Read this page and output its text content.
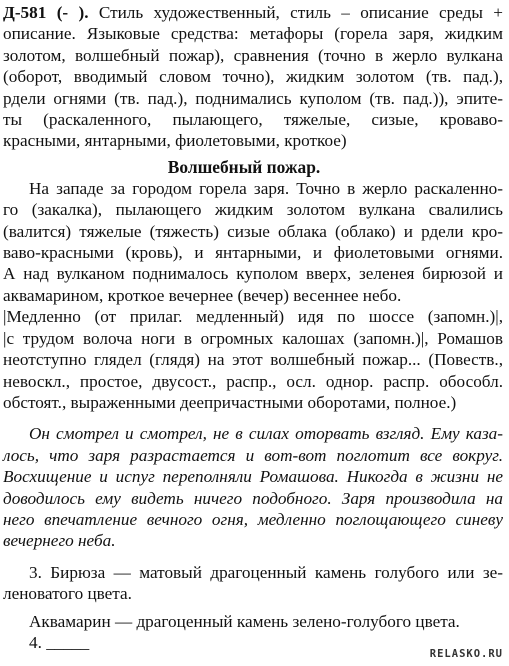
Д-581 (- ). Стиль художественный, стиль – описание среды +
описание. Языковые средства: метафоры (горела заря, жидким
золотом, волшебный пожар), сравнения (точно в жерло вулкана
(оборот, вводимый словом точно), жидким золотом (тв. пад.),
рдели огнями (тв. пад.), поднимались куполом (тв. пад.)), эпите-
ты (раскаленного, пылающего, тяжелые, сизые, кроваво-
красными, янтарными, фиолетовыми, кроткое)
Волшебный пожар.
На западе за городом горела заря. Точно в жерло раскаленно-
го (закалка), пылающего жидким золотом вулкана свалились
(валится) тяжелые (тяжесть) сизые облака (облако) и рдели кро-
ваво-красными (кровь), и янтарными, и фиолетовыми огнями.
А над вулканом поднималось куполом вверх, зеленея бирюзой и
аквамарином, кроткое вечернее (вечер) весеннее небо.
|Медленно (от прилаг. медленный) идя по шоссе (запомн.)|,
|с трудом волоча ноги в огромных калошах (запомн.)|, Ромашов
неотступно глядел (глядя) на этот волшебный пожар... (Повеств.,
невоскл., простое, двусост., распр., осл. однор. распр. обособл.
обстоят., выраженными деепричастными оборотами, полное.)
Он смотрел и смотрел, не в силах оторвать взгляд. Ему каза-
лось, что заря разрастается и вот-вот поглотит все вокруг.
Восхищение и испуг переполняли Ромашова. Никогда в жизни не
доводилось ему видеть ничего подобного. Заря производила на
него впечатление вечного огня, медленно поглощающего синеву
вечернего неба.
3. Бирюза — матовый драгоценный камень голубого или зе-
леноватого цвета.
Аквамарин — драгоценный камень зелено-голубого цвета.
4. _____
RELASKO.RU
